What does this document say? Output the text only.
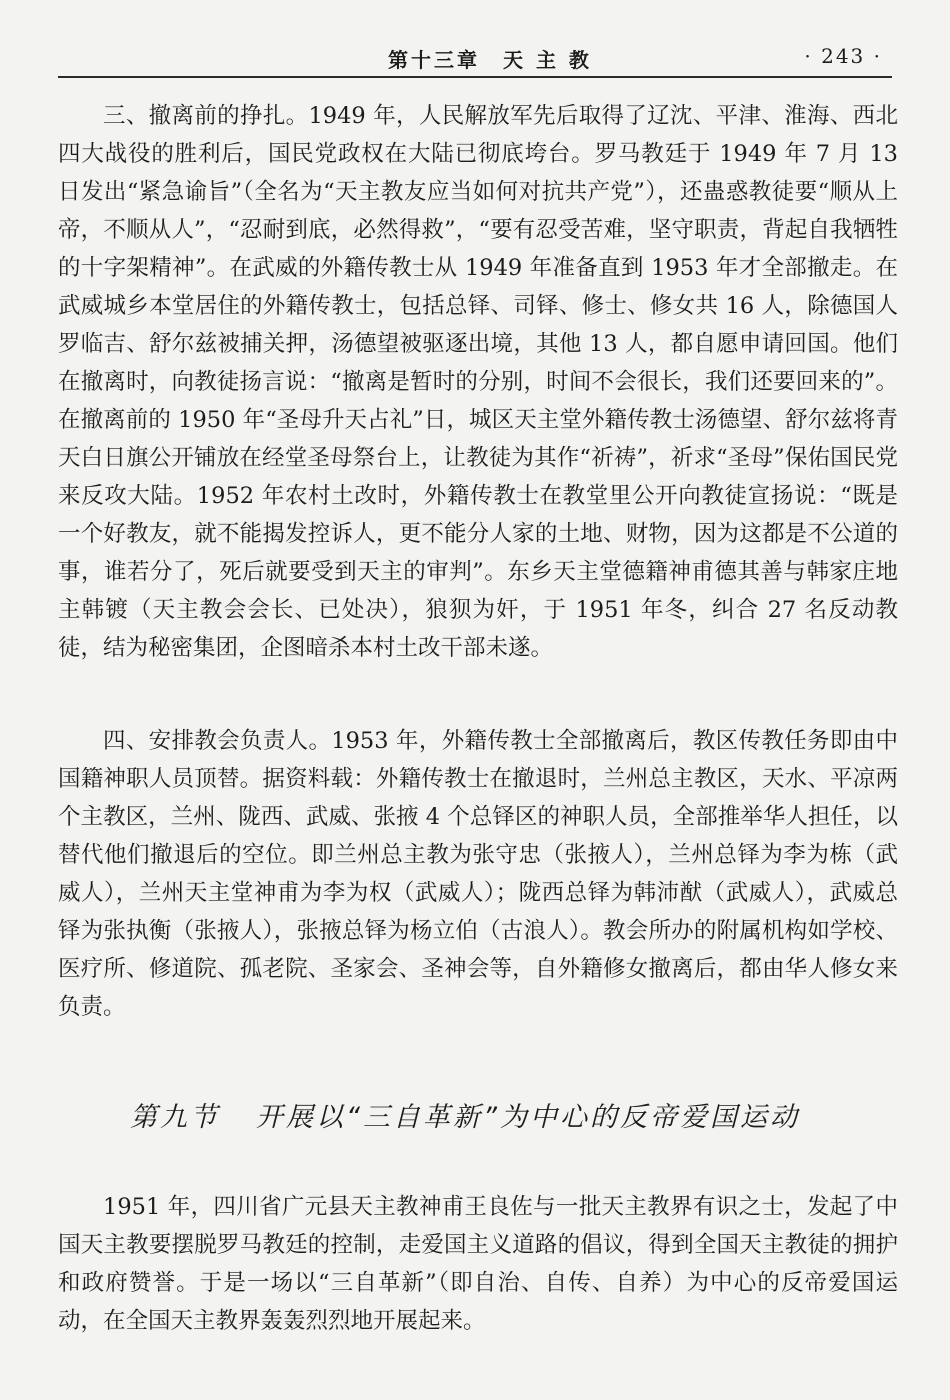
第十三章　天 主 教	· 243 ·

三、撤离前的挣扎。1949 年，人民解放军先后取得了辽沈、平津、淮海、西北四大战役的胜利后，国民党政权在大陆已彻底垮台。罗马教廷于 1949 年 7 月 13 日发出“紧急谕旨”（全名为“天主教友应当如何对抗共产党”），还蛊惑教徒要“顺从上帝，不顺从人”，“忍耐到底，必然得救”，“要有忍受苦难，坚守职责，背起自我牺牲的十字架精神”。在武威的外籍传教士从 1949 年准备直到 1953 年才全部撤走。在武威城乡本堂居住的外籍传教士，包括总铎、司铎、修士、修女共 16 人，除德国人罗临吉、舒尔兹被捕关押，汤德望被驱逐出境，其他 13 人，都自愿申请回国。他们在撤离时，向教徒扬言说：“撤离是暂时的分别，时间不会很长，我们还要回来的”。在撤离前的 1950 年“圣母升天占礼”日，城区天主堂外籍传教士汤德望、舒尔兹将青天白日旗公开铺放在经堂圣母祭台上，让教徒为其作“祈祷”，祈求“圣母”保佑国民党来反攻大陆。1952 年农村土改时，外籍传教士在教堂里公开向教徒宣扬说：“既是一个好教友，就不能揭发控诉人，更不能分人家的土地、财物，因为这都是不公道的事，谁若分了，死后就要受到天主的审判”。东乡天主堂德籍神甫德其善与韩家庄地主韩镀（天主教会会长、已处决），狼狈为奸，于 1951 年冬，纠合 27 名反动教徒，结为秘密集团，企图暗杀本村土改干部未遂。

四、安排教会负责人。1953 年，外籍传教士全部撤离后，教区传教任务即由中国籍神职人员顶替。据资料载：外籍传教士在撤退时，兰州总主教区，天水、平凉两个主教区，兰州、陇西、武威、张掖 4 个总铎区的神职人员，全部推举华人担任，以替代他们撤退后的空位。即兰州总主教为张守忠（张掖人），兰州总铎为李为栋（武威人），兰州天主堂神甫为李为权（武威人）；陇西总铎为韩沛猷（武威人），武威总铎为张执衡（张掖人），张掖总铎为杨立伯（古浪人）。教会所办的附属机构如学校、医疗所、修道院、孤老院、圣家会、圣神会等，自外籍修女撤离后，都由华人修女来负责。

第九节 开展以“三自革新”为中心的反帝爱国运动

1951 年，四川省广元县天主教神甫王良佐与一批天主教界有识之士，发起了中国天主教要摆脱罗马教廷的控制，走爱国主义道路的倡议，得到全国天主教徒的拥护和政府赞誉。于是一场以“三自革新”（即自治、自传、自养）为中心的反帝爱国运动，在全国天主教界轰轰烈烈地开展起来。
